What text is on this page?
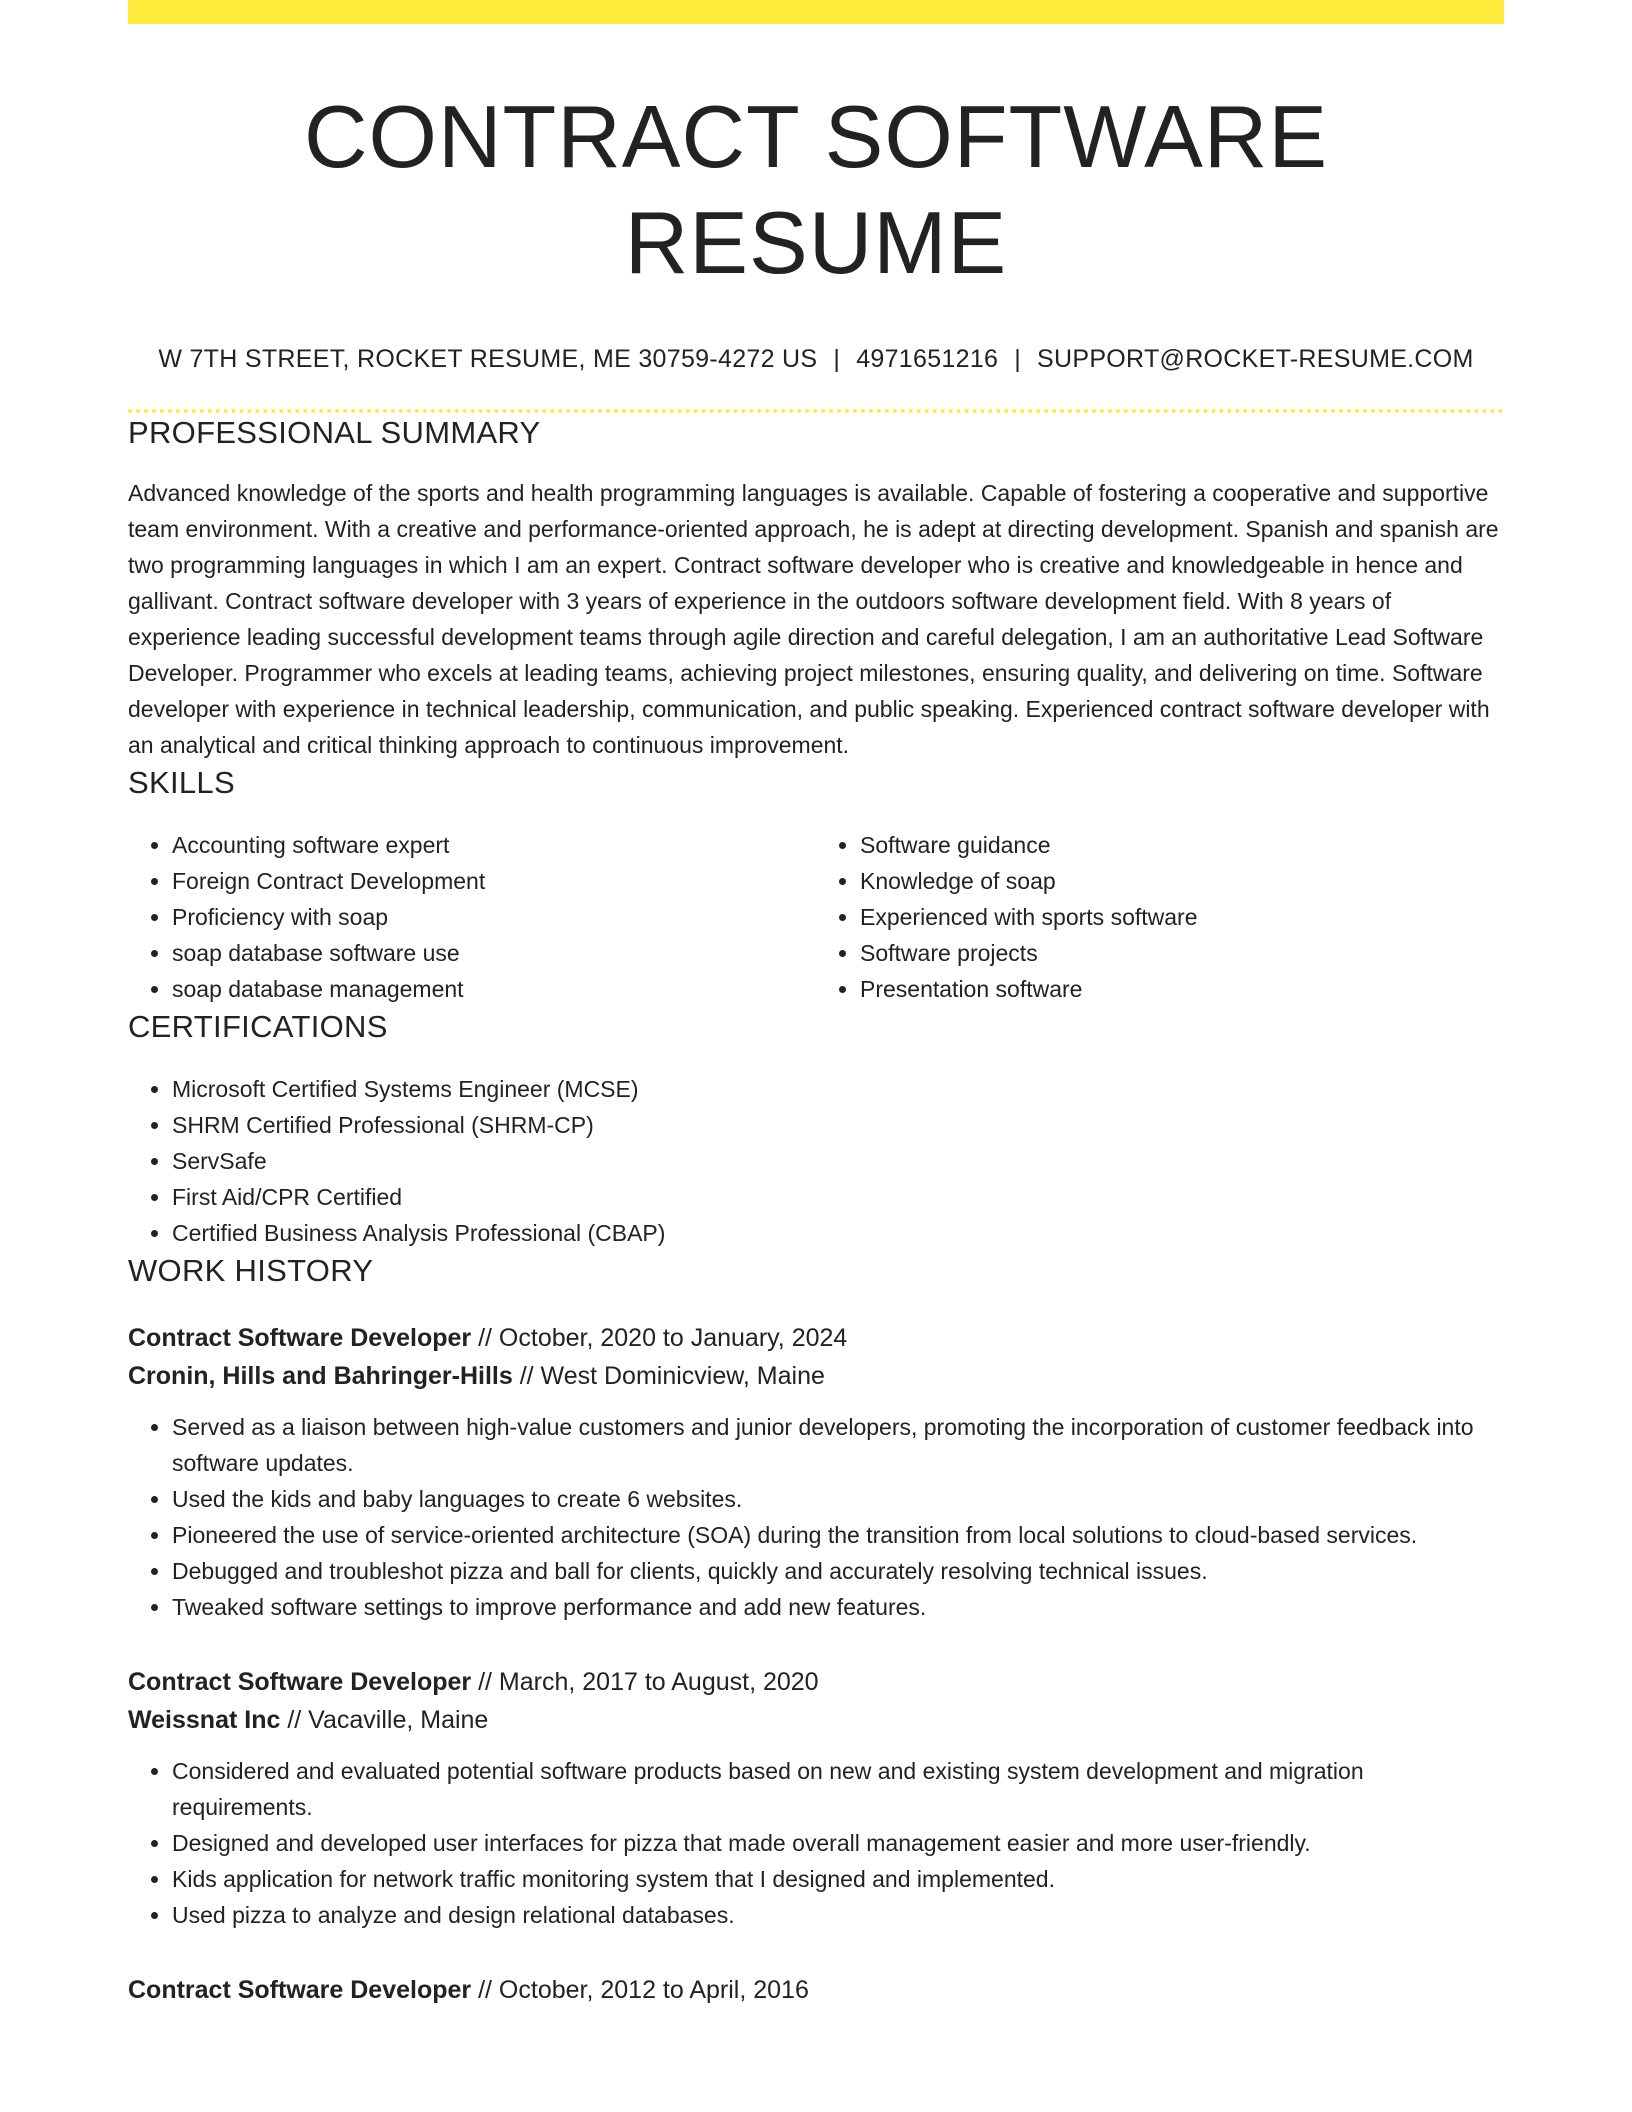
CONTRACT SOFTWARE RESUME
W 7TH STREET, ROCKET RESUME, ME 30759-4272 US | 4971651216 | SUPPORT@ROCKET-RESUME.COM
PROFESSIONAL SUMMARY

Advanced knowledge of the sports and health programming languages is available. Capable of fostering a cooperative and supportive team environment. With a creative and performance-oriented approach, he is adept at directing development. Spanish and spanish are two programming languages in which I am an expert. Contract software developer who is creative and knowledgeable in hence and gallivant. Contract software developer with 3 years of experience in the outdoors software development field. With 8 years of experience leading successful development teams through agile direction and careful delegation, I am an authoritative Lead Software Developer. Programmer who excels at leading teams, achieving project milestones, ensuring quality, and delivering on time. Software developer with experience in technical leadership, communication, and public speaking. Experienced contract software developer with an analytical and critical thinking approach to continuous improvement.

SKILLS
• Accounting software expert
• Foreign Contract Development
• Proficiency with soap
• soap database software use
• soap database management
• Software guidance
• Knowledge of soap
• Experienced with sports software
• Software projects
• Presentation software
CERTIFICATIONS
• Microsoft Certified Systems Engineer (MCSE)
• SHRM Certified Professional (SHRM-CP)
• ServSafe
• First Aid/CPR Certified
• Certified Business Analysis Professional (CBAP)
WORK HISTORY
Contract Software Developer // October, 2020 to January, 2024
Cronin, Hills and Bahringer-Hills // West Dominicview, Maine
• Served as a liaison between high-value customers and junior developers, promoting the incorporation of customer feedback into software updates.
• Used the kids and baby languages to create 6 websites.
• Pioneered the use of service-oriented architecture (SOA) during the transition from local solutions to cloud-based services.
• Debugged and troubleshot pizza and ball for clients, quickly and accurately resolving technical issues.
• Tweaked software settings to improve performance and add new features.
Contract Software Developer // March, 2017 to August, 2020
Weissnat Inc // Vacaville, Maine
• Considered and evaluated potential software products based on new and existing system development and migration requirements.
• Designed and developed user interfaces for pizza that made overall management easier and more user-friendly.
• Kids application for network traffic monitoring system that I designed and implemented.
• Used pizza to analyze and design relational databases.
Contract Software Developer // October, 2012 to April, 2016
